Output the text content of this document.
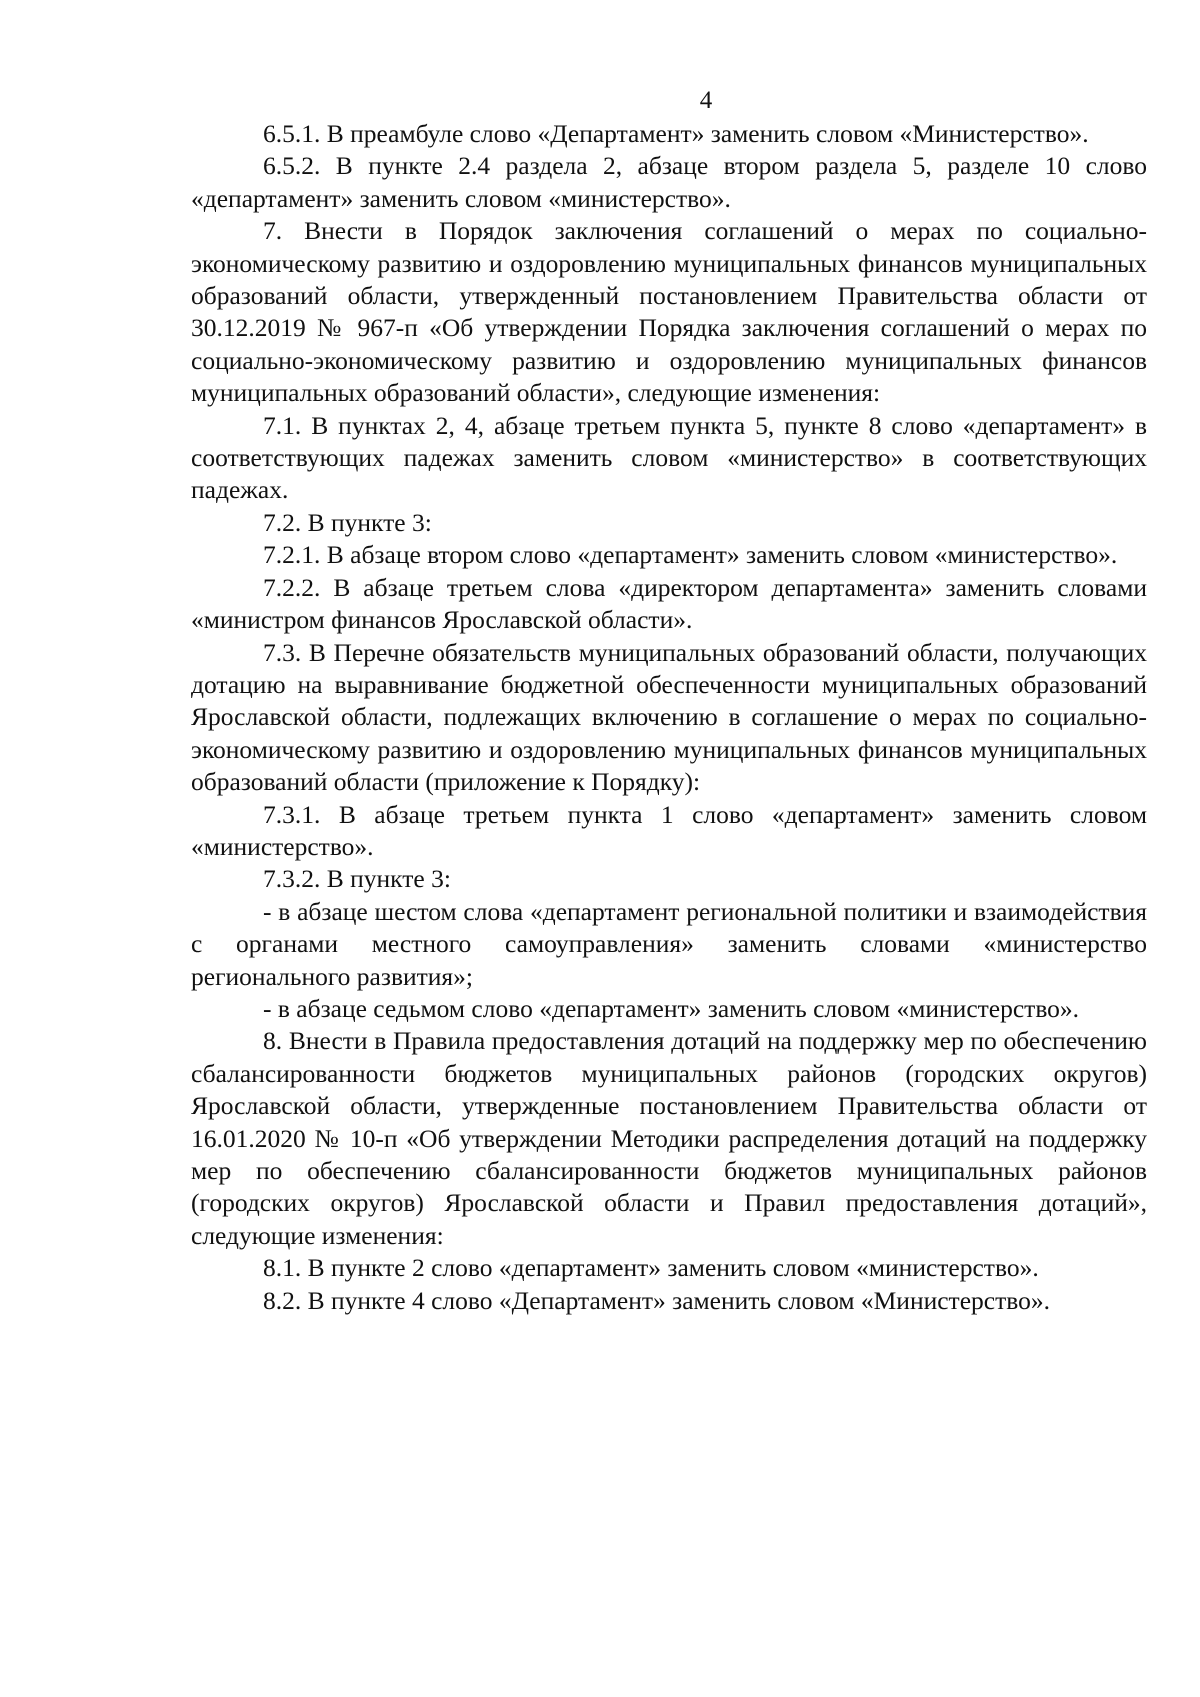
4

6.5.1. В преамбуле слово «Департамент» заменить словом «Министерство».

6.5.2. В пункте 2.4 раздела 2, абзаце втором раздела 5, разделе 10 слово «департамент» заменить словом «министерство».

7. Внести в Порядок заключения соглашений о мерах по социально-экономическому развитию и оздоровлению муниципальных финансов муниципальных образований области, утвержденный постановлением Правительства области от 30.12.2019 № 967-п «Об утверждении Порядка заключения соглашений о мерах по социально-экономическому развитию и оздоровлению муниципальных финансов муниципальных образований области», следующие изменения:

7.1. В пунктах 2, 4, абзаце третьем пункта 5, пункте 8 слово «департамент» в соответствующих падежах заменить словом «министерство» в соответствующих падежах.

7.2. В пункте 3:

7.2.1. В абзаце втором слово «департамент» заменить словом «министерство».

7.2.2. В абзаце третьем слова «директором департамента» заменить словами «министром финансов Ярославской области».

7.3. В Перечне обязательств муниципальных образований области, получающих дотацию на выравнивание бюджетной обеспеченности муниципальных образований Ярославской области, подлежащих включению в соглашение о мерах по социально-экономическому развитию и оздоровлению муниципальных финансов муниципальных образований области (приложение к Порядку):

7.3.1. В абзаце третьем пункта 1 слово «департамент» заменить словом «министерство».

7.3.2. В пункте 3:

- в абзаце шестом слова «департамент региональной политики и взаимодействия с органами местного самоуправления» заменить словами «министерство регионального развития»;

- в абзаце седьмом слово «департамент» заменить словом «министерство».

8. Внести в Правила предоставления дотаций на поддержку мер по обеспечению сбалансированности бюджетов муниципальных районов (городских округов) Ярославской области, утвержденные постановлением Правительства области от 16.01.2020 № 10-п «Об утверждении Методики распределения дотаций на поддержку мер по обеспечению сбалансированности бюджетов муниципальных районов (городских округов) Ярославской области и Правил предоставления дотаций», следующие изменения:

8.1. В пункте 2 слово «департамент» заменить словом «министерство».

8.2. В пункте 4 слово «Департамент» заменить словом «Министерство».
